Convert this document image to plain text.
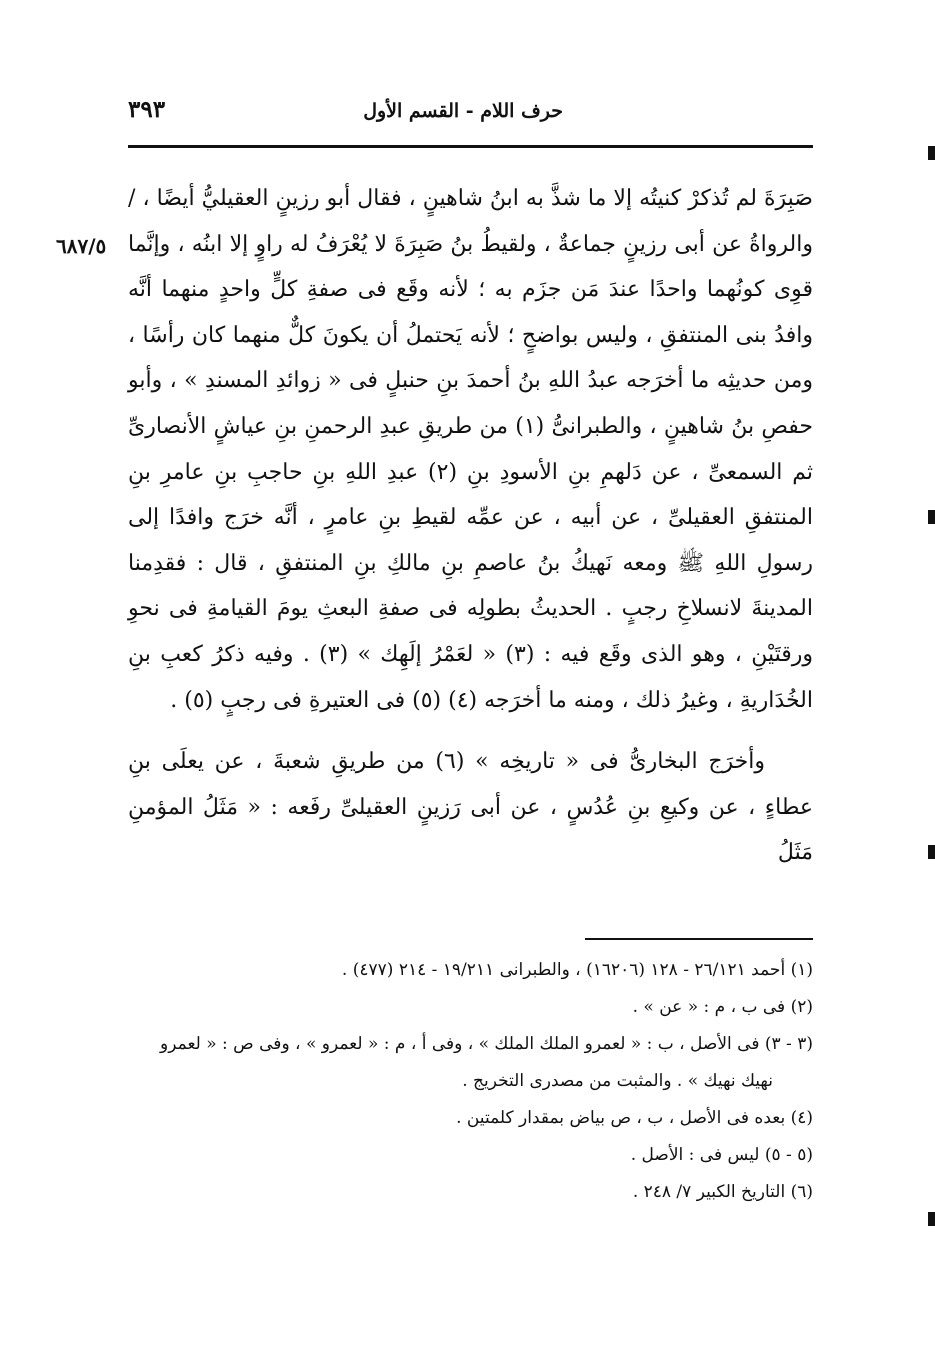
٣٩٣	حرف اللام - القسم الأول
٦٨٧/٥

صَبِرَةَ لم تُذكرْ كنيتُه إلا ما شذَّ به ابنُ شاهينٍ ، فقال أبو رزينٍ العقيليُّ أيضًا ، /والرواةُ عن أبى رزينٍ جماعةٌ ، ولقيطُ بنُ صَبِرَةَ لا يُعْرَفُ له راوٍ إلا ابنُه ، وإنَّما قوِى كونُهما واحدًا عندَ مَن جزَم به ؛ لأنه وقَع فى صفةِ كلٍّ واحدٍ منهما أنَّه وافدُ بنى المنتفقِ ، وليس بواضحٍ ؛ لأنه يَحتملُ أن يكونَ كلٌّ منهما كان رأسًا ، ومن حديثِه ما أخرَجه عبدُ اللهِ بنُ أحمدَ بنِ حنبلٍ فى « زوائدِ المسندِ » ، وأبو حفصِ بنُ شاهينٍ ، والطبرانىُّ (١) من طريقِ عبدِ الرحمنِ بنِ عياشٍ الأنصارىِّ ثم السمعىِّ ، عن دَلهمِ بنِ الأسودِ بنِ (٢) عبدِ اللهِ بنِ حاجبِ بنِ عامرِ بنِ المنتفقِ العقيلىِّ ، عن أبيه ، عن عمِّه لقيطِ بنِ عامرٍ ، أنَّه خرَج وافدًا إلى رسولِ اللهِ ﷺ ومعه نَهيكُ بنُ عاصمِ بنِ مالكِ بنِ المنتفقِ ، قال : فقدِمنا المدينةَ لانسلاخِ رجبٍ . الحديثُ بطولِه فى صفةِ البعثِ يومَ القيامةِ فى نحوِ ورقتَيْنِ ، وهو الذى وقَع فيه : (٣) « لعَمْرُ إلَهِك » (٣) . وفيه ذكرُ كعبِ بنِ الخُدَاريةِ ، وغيرُ ذلك ، ومنه ما أخرَجه (٤) (٥) فى العتيرةِ فى رجبٍ (٥) .

وأخرَج البخارىُّ فى « تاريخِه » (٦) من طريقِ شعبةَ ، عن يعلَى بنِ عطاءٍ ، عن وكيعِ بنِ عُدُسٍ ، عن أبى رَزينٍ العقيلىِّ رفَعه : « مَثَلُ المؤمنِ مَثَلُ

(١) أحمد ٢٦/١٢١ - ١٢٨ (١٦٢٠٦) ، والطبرانى ١٩/٢١١ - ٢١٤ (٤٧٧) .

(٢) فى ب ، م : « عن » .

(٣ - ٣) فى الأصل ، ب : « لعمرو الملك الملك » ، وفى أ ، م : « لعمرو » ، وفى ص : « لعمرو

نهيك نهيك » . والمثبت من مصدرى التخريج .

(٤) بعده فى الأصل ، ب ، ص بياض بمقدار كلمتين .

(٥ - ٥) ليس فى : الأصل .

(٦) التاريخ الكبير ٧/ ٢٤٨ .
